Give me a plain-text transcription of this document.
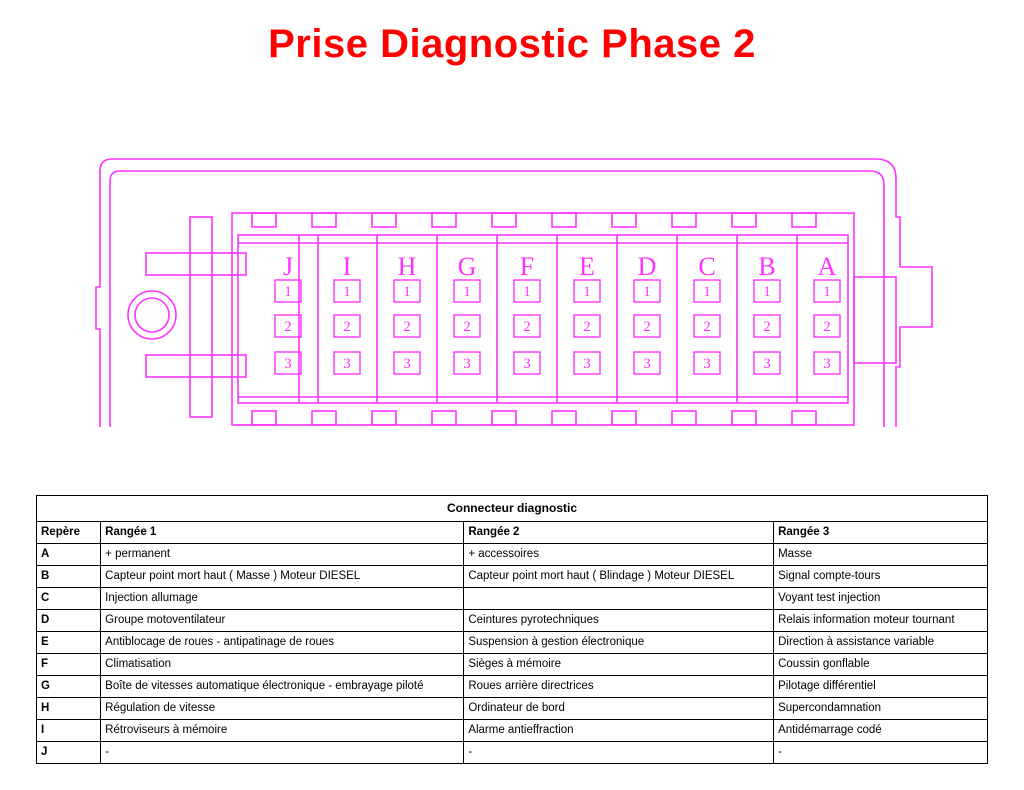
Prise Diagnostic Phase 2
J I H G F E D C B A
1
2
3
1
2
3
1
2
3
1
2
3
1
2
3
1
2
3
1
2
3
1
2
3
1
2
3
1
2
3
Connecteur diagnostic			
Repère	Rangée 1	Rangée 2	Rangée 3
A	+ permanent	+ accessoires	Masse
B	Capteur point mort haut ( Masse ) Moteur DIESEL	Capteur point mort haut ( Blindage ) Moteur DIESEL	Signal compte-tours
C	Injection allumage		Voyant test injection
D	Groupe motoventilateur	Ceintures pyrotechniques	Relais information moteur tournant
E	Antiblocage de roues - antipatinage de roues	Suspension à gestion électronique	Direction à assistance variable
F	Climatisation	Sièges à mémoire	Coussin gonflable
G	Boîte de vitesses automatique électronique - embrayage piloté	Roues arrière directrices	Pilotage différentiel
H	Régulation de vitesse	Ordinateur de bord	Supercondamnation
I	Rétroviseurs à mémoire	Alarme antieffraction	Antidémarrage codé
J	-	-	-
